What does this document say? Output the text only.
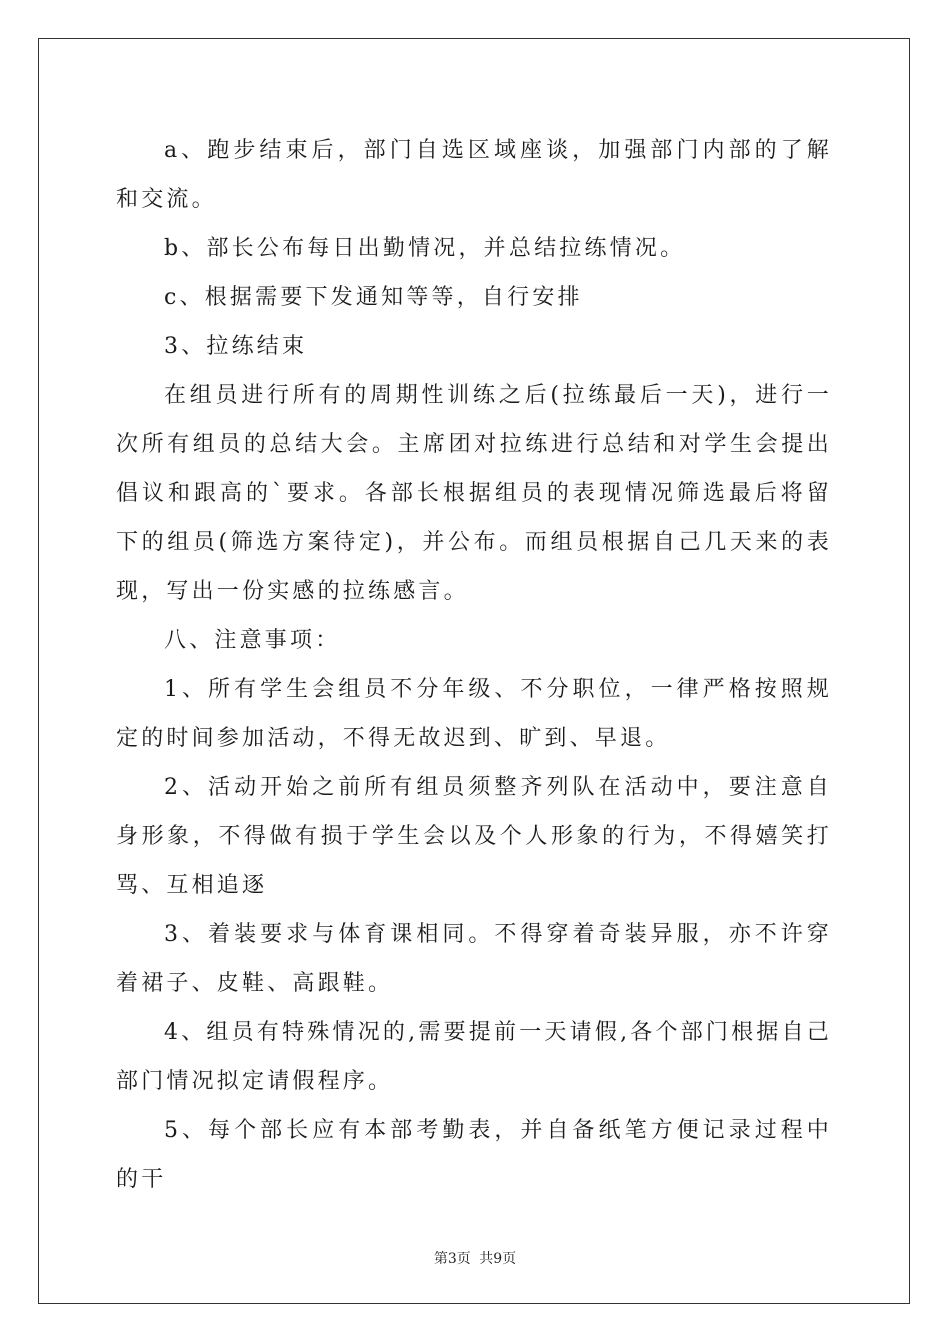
a、跑步结束后，部门自选区域座谈，加强部门内部的了解和交流。

b、部长公布每日出勤情况，并总结拉练情况。

c、根据需要下发通知等等，自行安排

3、拉练结束

在组员进行所有的周期性训练之后(拉练最后一天)，进行一次所有组员的总结大会。主席团对拉练进行总结和对学生会提出倡议和跟高的`要求。各部长根据组员的表现情况筛选最后将留下的组员(筛选方案待定)，并公布。而组员根据自己几天来的表现，写出一份实感的拉练感言。

八、注意事项：

1、所有学生会组员不分年级、不分职位，一律严格按照规定的时间参加活动，不得无故迟到、旷到、早退。

2、活动开始之前所有组员须整齐列队在活动中，要注意自身形象，不得做有损于学生会以及个人形象的行为，不得嬉笑打骂、互相追逐

3、着装要求与体育课相同。不得穿着奇装异服，亦不许穿着裙子、皮鞋、高跟鞋。

4、组员有特殊情况的,需要提前一天请假,各个部门根据自己部门情况拟定请假程序。

5、每个部长应有本部考勤表，并自备纸笔方便记录过程中的干

第3页 共9页
